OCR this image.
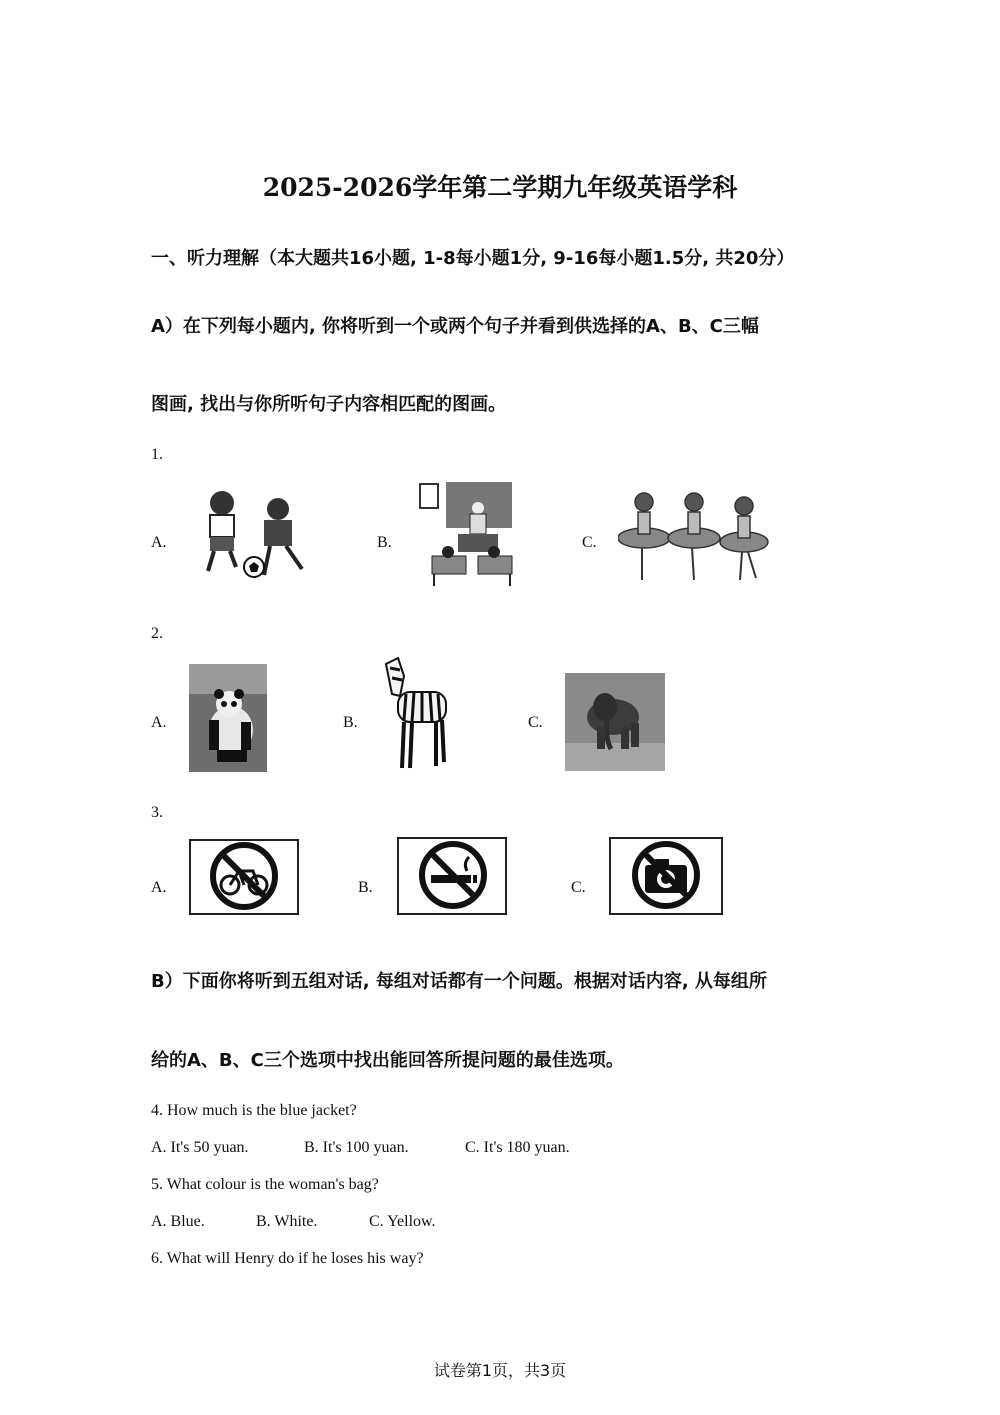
2025-2026学年第二学期九年级英语学科
一、听力理解（本大题共16小题, 1-8每小题1分, 9-16每小题1.5分, 共20分）
A）在下列每小题内, 你将听到一个或两个句子并看到供选择的A、B、C三幅
图画, 找出与你所听句子内容相匹配的图画。
1.
A.	B.	C.
2.
A.	B.	C.
3.
A.	B.	C.
B）下面你将听到五组对话, 每组对话都有一个问题。根据对话内容, 从每组所
给的A、B、C三个选项中找出能回答所提问题的最佳选项。
4. How much is the blue jacket?
A. It's 50 yuan.	B. It's 100 yuan.	C. It's 180 yuan.
5. What colour is the woman's bag?
A. Blue.	B. White.	C. Yellow.
6. What will Henry do if he loses his way?
试卷第1页，共3页
